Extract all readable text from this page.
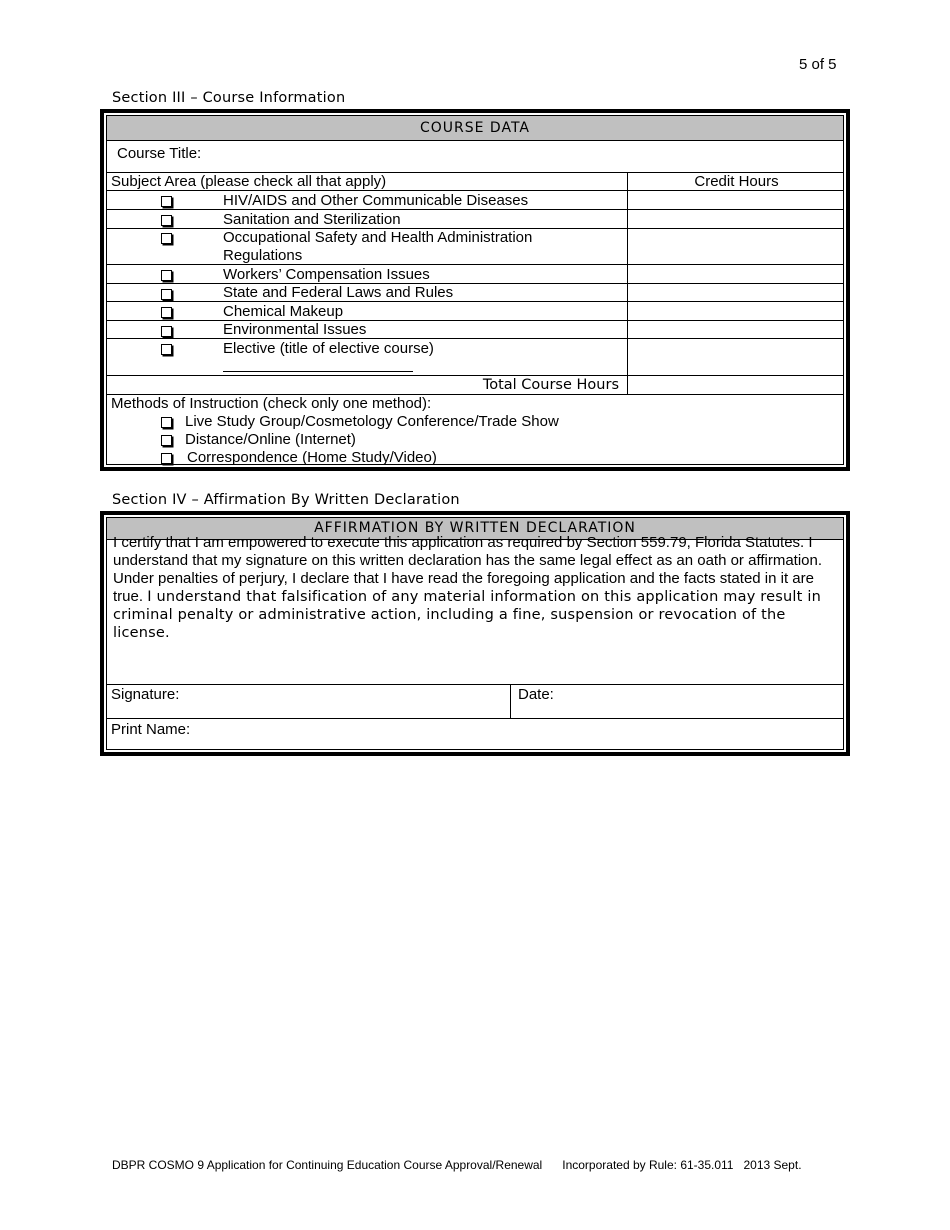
5 of 5
Section III – Course Information
COURSE DATA
Course Title:
Subject Area (please check all that apply)	Credit Hours
HIV/AIDS and Other Communicable Diseases
Sanitation and Sterilization
Occupational Safety and Health Administration
Regulations
Workers’ Compensation Issues
State and Federal Laws and Rules
Chemical Makeup
Environmental Issues
Elective (title of elective course)
Total Course Hours
Methods of Instruction (check only one method):
Live Study Group/Cosmetology Conference/Trade Show
Distance/Online (Internet)
Correspondence (Home Study/Video)
Section IV – Affirmation By Written Declaration
AFFIRMATION BY WRITTEN DECLARATION
I certify that I am empowered to execute this application as required by Section 559.79, Florida Statutes. I understand that my signature on this written declaration has the same legal effect as an oath or affirmation. Under penalties of perjury, I declare that I have read the foregoing application and the facts stated in it are true. I understand that falsification of any material information on this application may result in criminal penalty or administrative action, including a fine, suspension or revocation of the license.
Signature:	Date:
Print Name:
DBPR COSMO 9 Application for Continuing Education Course Approval/Renewal Incorporated by Rule: 61-35.011   2013 Sept.
